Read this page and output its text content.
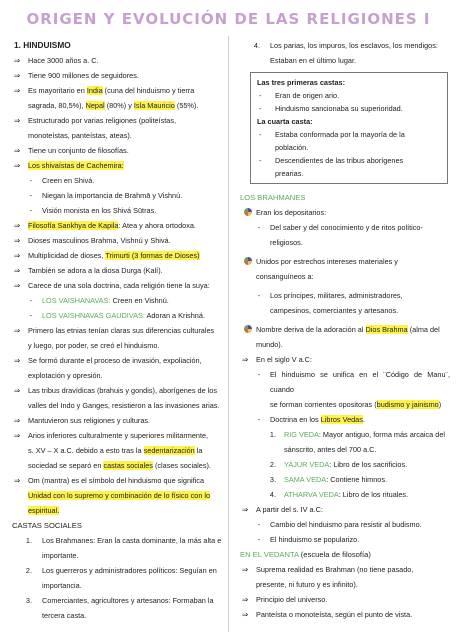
ORIGEN Y EVOLUCIÓN DE LAS RELIGIONES I
1. HINDUISMO
⇒ Hace 3000 años a. C.
⇒ Tiene 900 millones de seguidores.
⇒ Es mayoritario en India (cuna del hinduismo y tierra
sagrada, 80,5%), Nepal (80%) y Isla Mauricio (55%).
⇒ Estructurado por varias religiones (politeístas,
monoteístas, panteístas, ateas).
⇒ Tiene un conjunto de filosofías.
⇒ Los shivaístas de Cachemira:
- Creen en Shivá.
- Niegan la importancia de Brahmā y Vishnú.
- Visión monista en los Shivá Sūtras.
⇒ Filosofía Sankhya de Kapila: Atea y ahora ortodoxa.
⇒ Dioses masculinos Brahma, Vishnú y Shivá.
⇒ Multiplicidad de dioses, Trimurti (3 formas de Dioses)
⇒ También se adora a la diosa Durga (Kalí).
⇒ Carece de una sola doctrina, cada religión tiene la suya:
- LOS VAISHANAVAS: Creen en Vishnú.
- LOS VAISHNAVAS GAUDIVAS: Adoran a Krishná.
⇒ Primero las etnias tenían claras sus diferencias culturales
y luego, por poder, se creó el hinduismo.
⇒ Se formó durante el proceso de invasión, expoliación,
explotación y opresión.
⇒ Las tribus dravídicas (brahuis y gondis), aborígenes de los
valles del Indo y Ganges, resistieron a las invasiones arias.
⇒ Mantuvieron sus religiones y culturas.
⇒ Arios inferiores culturalmente y superiores militarmente,
s. XV – X a.C. debido a esto tras la sedentarización la
sociedad se separó en castas sociales (clases sociales).
⇒ Om (mantra) es el símbolo del hinduismo que significa
Unidad con lo supremo y combinación de lo físico con lo
espiritual.
CASTAS SOCIALES
1. Los Brahmanes: Eran la casta dominante, la más alta e
importante.
2. Los guerreros y administradores políticos: Seguían en
importancia.
3. Comerciantes, agricultores y artesanos: Formaban la
tercera casta.
4. Los parias, los impuros, los esclavos, los mendigos:
Estaban en el último lugar.
Las tres primeras castas:
-	Eran de origen ario.
-	Hinduismo sancionaba su superioridad.
La cuarta casta:
-	Estaba conformada por la mayoría de la
población.
-	Descendientes de las tribus aborígenes
prearias.
LOS BRAHMANES
Eran los depositarios:
- Del saber y del conocimiento y de ritos político-
religiosos.
Unidos por estrechos intereses materiales y
consanguíneos a:
- Los príncipes, militares, administradores,
campesinos, comerciantes y artesanos.
Nombre deriva de la adoración al Dios Brahma (alma del
mundo).
⇒ En el siglo V a.C:
- El hinduismo se unifica en el ¨Código de Manu¨, cuando
se forman corrientes opositoras (budismo y jainismo)
- Doctrina en los Libros Vedas.
1. RIG VEDA: Mayor antiguo, forma más arcaica del
sánscrito, antes del 700 a.C.
2. YAJUR VEDA: Libro de los sacrificios.
3. SAMA VEDA: Contiene himnos.
4. ATHARVA VEDA: Libro de los rituales.
⇒ A partir del s. IV a.C:
- Cambio del hinduismo para resistir al budismo.
- El hinduismo se popularizo.
EN EL VEDANTA (escuela de filosofía)
⇒ Suprema realidad es Brahman (no tiene pasado,
presente, ni futuro y es infinito).
⇒ Principio del universo.
⇒ Panteísta o monoteísta, según el punto de vista.
